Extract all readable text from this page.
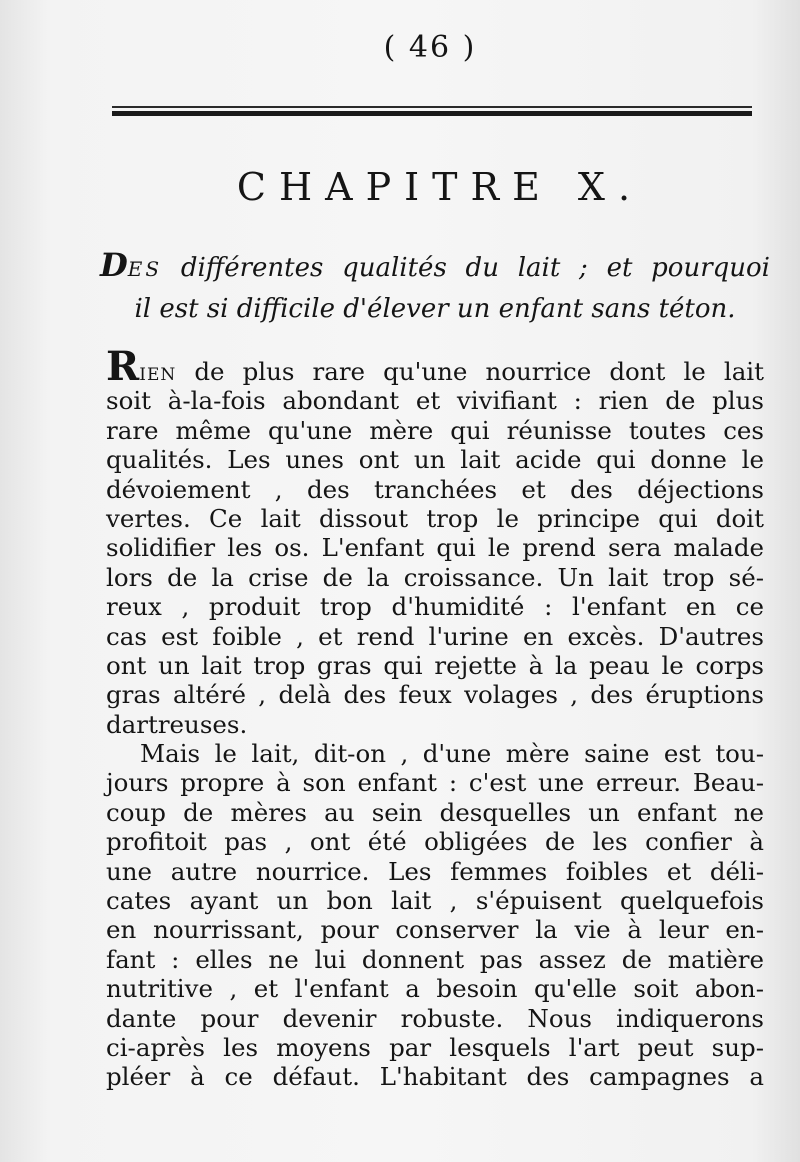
( 46 )
CHAPITRE X.
DES différentes qualités du lait ; et pourquoi
il est si difficile d'élever un enfant sans téton.
RIEN de plus rare qu'une nourrice dont le lait
soit à-la-fois abondant et vivifiant : rien de plus
rare même qu'une mère qui réunisse toutes ces
qualités. Les unes ont un lait acide qui donne le
dévoiement , des tranchées et des déjections
vertes. Ce lait dissout trop le principe qui doit
solidifier les os. L'enfant qui le prend sera malade
lors de la crise de la croissance. Un lait trop sé-
reux , produit trop d'humidité : l'enfant en ce
cas est foible , et rend l'urine en excès. D'autres
ont un lait trop gras qui rejette à la peau le corps
gras altéré , delà des feux volages , des éruptions
dartreuses.
Mais le lait, dit-on , d'une mère saine est tou-
jours propre à son enfant : c'est une erreur. Beau-
coup de mères au sein desquelles un enfant ne
profitoit pas , ont été obligées de les confier à
une autre nourrice. Les femmes foibles et déli-
cates ayant un bon lait , s'épuisent quelquefois
en nourrissant, pour conserver la vie à leur en-
fant : elles ne lui donnent pas assez de matière
nutritive , et l'enfant a besoin qu'elle soit abon-
dante pour devenir robuste. Nous indiquerons
ci-après les moyens par lesquels l'art peut sup-
pléer à ce défaut. L'habitant des campagnes a
